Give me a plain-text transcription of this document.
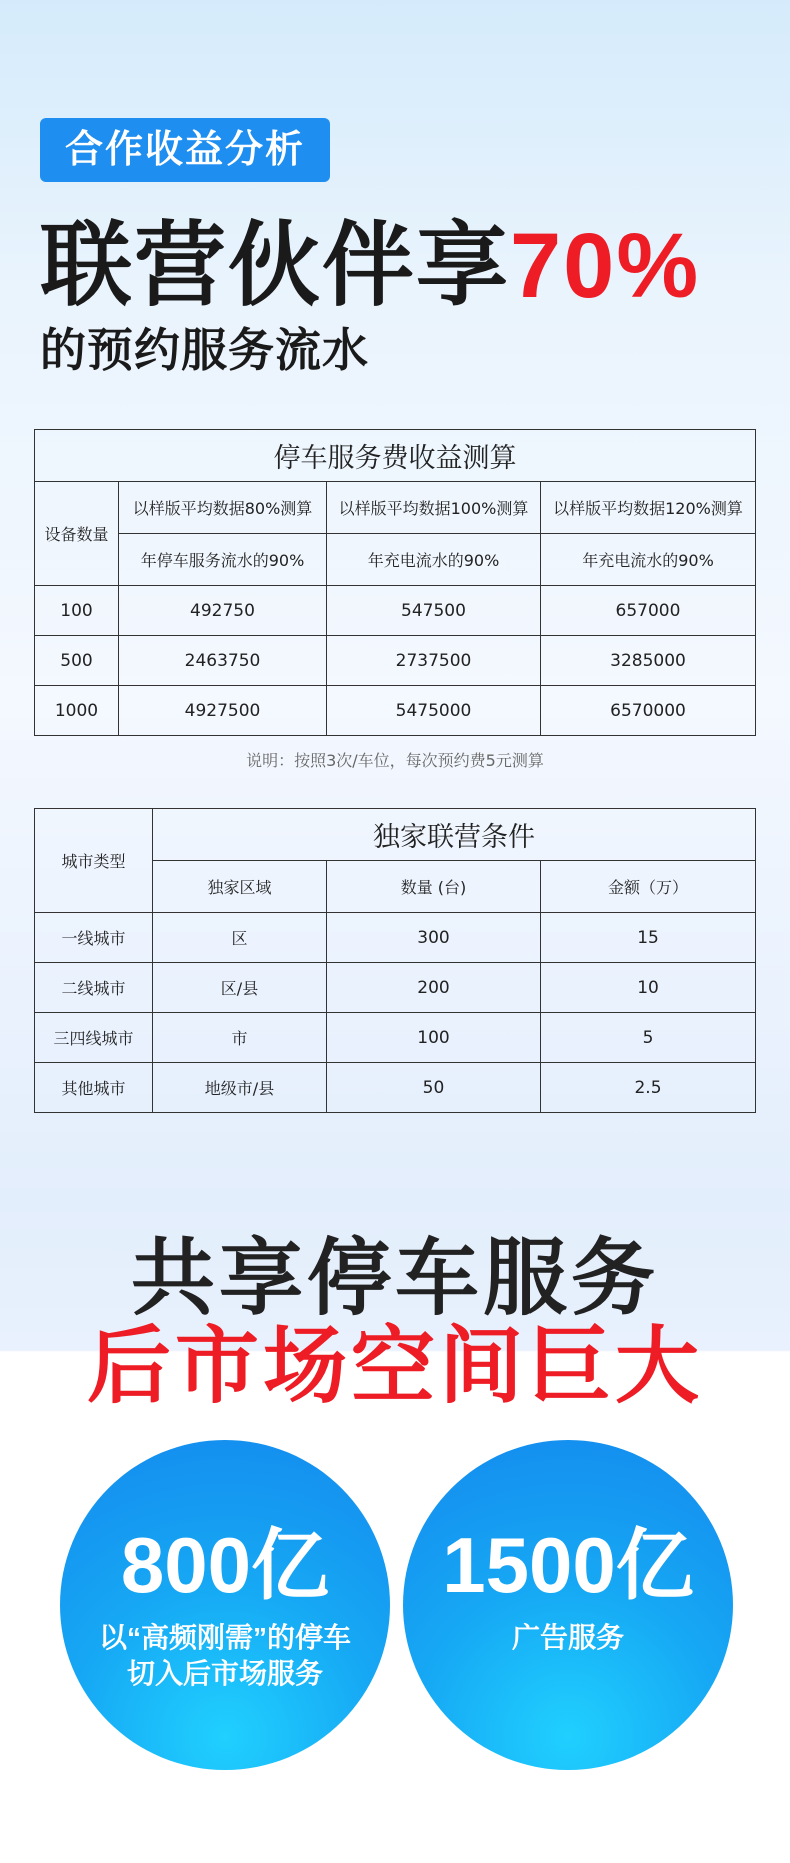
合作收益分析
联营伙伴享70%
的预约服务流水
停车服务费收益测算			
设备数量	以样版平均数据80%测算	以样版平均数据100%测算	以样版平均数据120%测算
	年停车服务流水的90%	年充电流水的90%	年充电流水的90%
100	492750	547500	657000
500	2463750	2737500	3285000
1000	4927500	5475000	6570000
说明：按照3次/车位，每次预约费5元测算
城市类型	独家联营条件		
	独家区域	数量 (台)	金额（万）
一线城市	区	300	15
二线城市	区/县	200	10
三四线城市	市	100	5
其他城市	地级市/县	50	2.5
共享停车服务
后市场空间巨大
800亿
以“高频刚需”的停车
切入后市场服务
1500亿
广告服务
